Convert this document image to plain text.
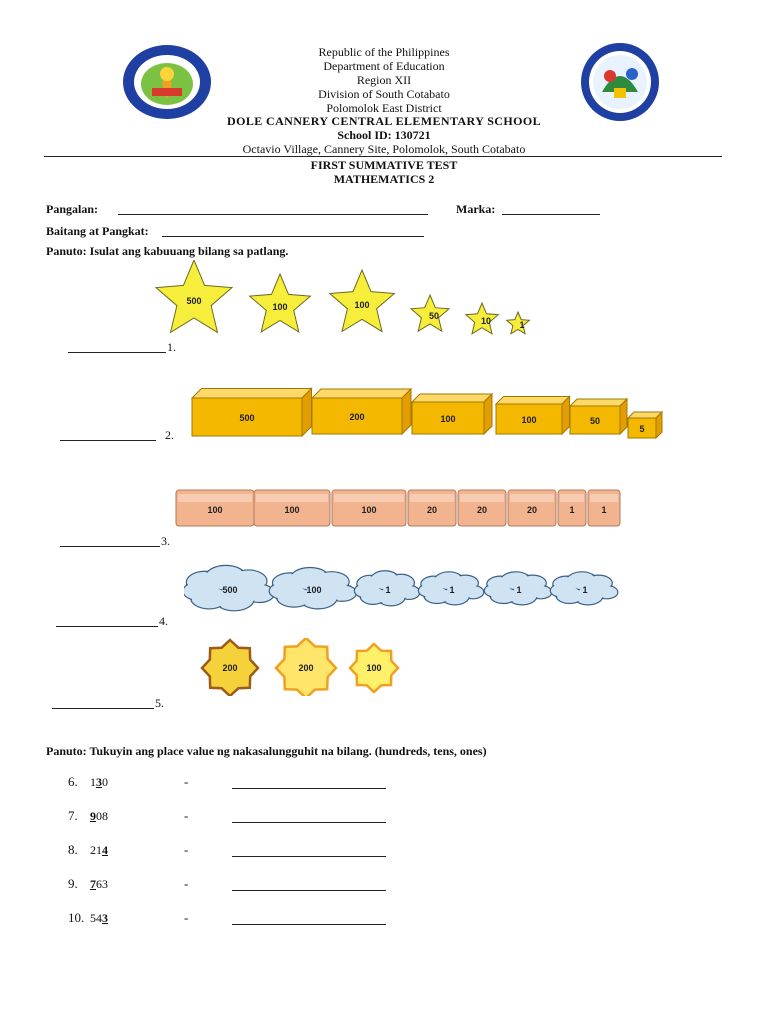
Republic of the Philippines
Department of Education
Region XII
Division of South Cotabato
Polomolok East District
DOLE CANNERY CENTRAL ELEMENTARY SCHOOL
School ID: 130721
Octavio Village, Cannery Site, Polomolok, South Cotabato
FIRST SUMMATIVE TEST
MATHEMATICS 2
Pangalan:	Marka:
Baitang at Pangkat:
Panuto: Isulat ang kabuuang bilang sa patlang.
500
100	100
50	10	1
1.
500	200	100	100	50
5
2.
100	100	100	20	20	20	1	1
3.
500	100	1	1	1	1
4.
200	200	100
5.
Panuto: Tukuyin ang place value ng nakasalungguhit na bilang. (hundreds, tens, ones)
6. 130	-
7. 908	-
8. 214	-
9. 763	-
10. 543	-
